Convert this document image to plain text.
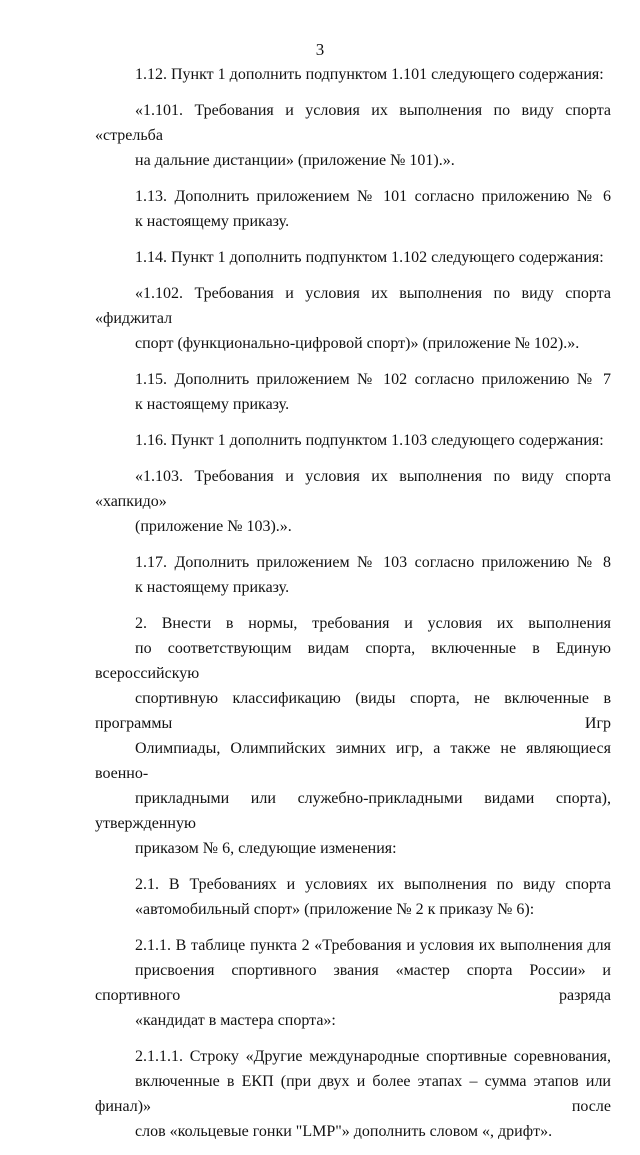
3

1.12. Пункт 1 дополнить подпунктом 1.101 следующего содержания:

«1.101. Требования и условия их выполнения по виду спорта «стрельба
на дальние дистанции» (приложение № 101).».

1.13. Дополнить приложением № 101 согласно приложению № 6
к настоящему приказу.

1.14. Пункт 1 дополнить подпунктом 1.102 следующего содержания:

«1.102. Требования и условия их выполнения по виду спорта «фиджитал
спорт (функционально-цифровой спорт)» (приложение № 102).».

1.15. Дополнить приложением № 102 согласно приложению № 7
к настоящему приказу.

1.16. Пункт 1 дополнить подпунктом 1.103 следующего содержания:

«1.103. Требования и условия их выполнения по виду спорта «хапкидо»
(приложение № 103).».

1.17. Дополнить приложением № 103 согласно приложению № 8
к настоящему приказу.

2. Внести в нормы, требования и условия их выполнения
по соответствующим видам спорта, включенные в Единую всероссийскую
спортивную классификацию (виды спорта, не включенные в программы Игр
Олимпиады, Олимпийских зимних игр, а также не являющиеся военно-
прикладными или служебно-прикладными видами спорта), утвержденную
приказом № 6, следующие изменения:

2.1. В Требованиях и условиях их выполнения по виду спорта
«автомобильный спорт» (приложение № 2 к приказу № 6):

2.1.1. В таблице пункта 2 «Требования и условия их выполнения для
присвоения спортивного звания «мастер спорта России» и спортивного разряда
«кандидат в мастера спорта»:

2.1.1.1. Строку «Другие международные спортивные соревнования,
включенные в ЕКП (при двух и более этапах – сумма этапов или финал)» после
слов «кольцевые гонки "LMP"» дополнить словом «, дрифт».
